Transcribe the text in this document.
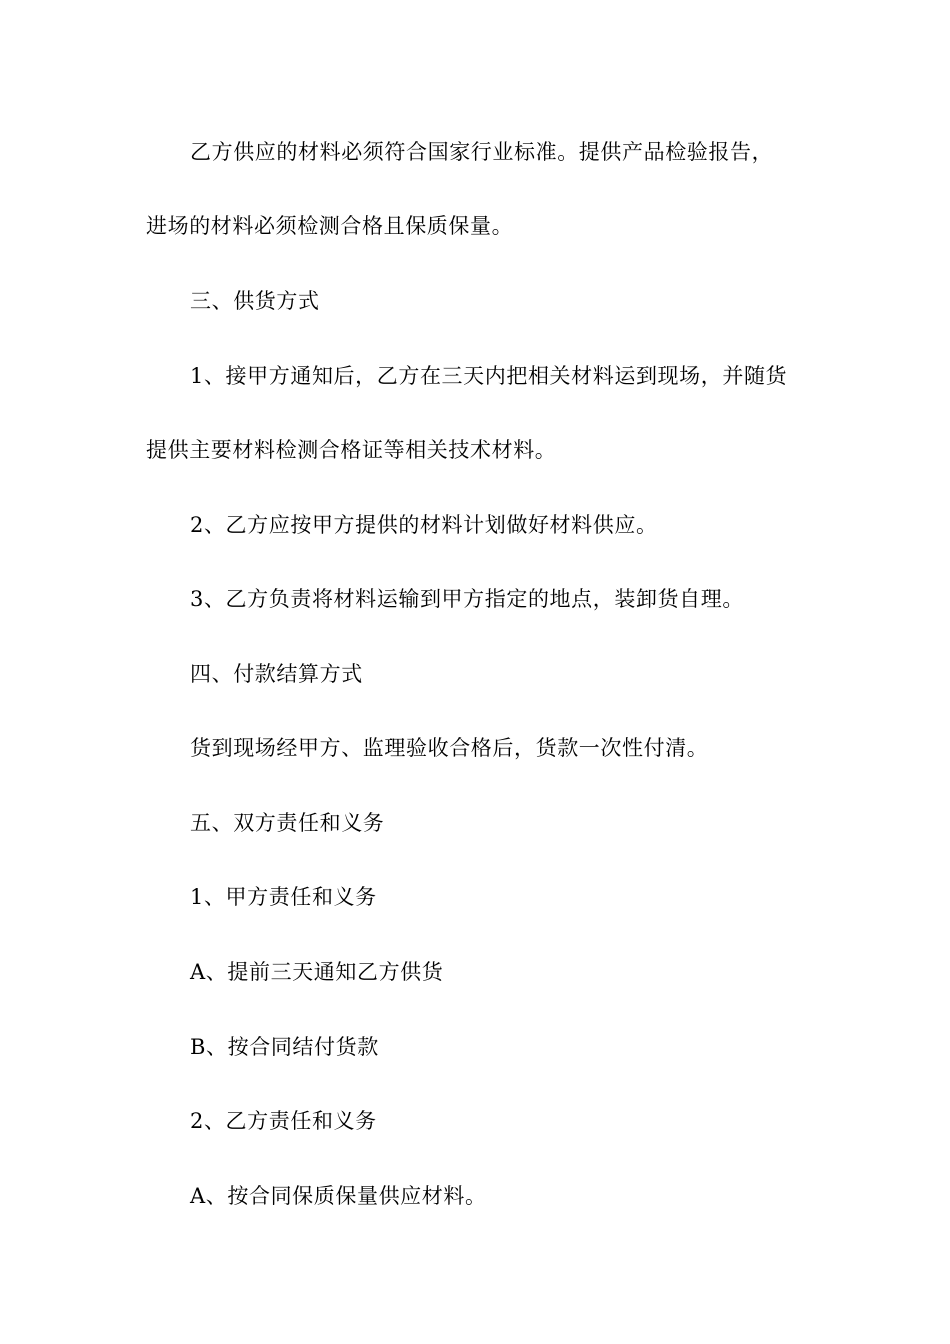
乙方供应的材料必须符合国家行业标准。提供产品检验报告，
进场的材料必须检测合格且保质保量。
三、供货方式
1、接甲方通知后，乙方在三天内把相关材料运到现场，并随货
提供主要材料检测合格证等相关技术材料。
2、乙方应按甲方提供的材料计划做好材料供应。
3、乙方负责将材料运输到甲方指定的地点，装卸货自理。
四、付款结算方式
货到现场经甲方、监理验收合格后，货款一次性付清。
五、双方责任和义务
1、甲方责任和义务
A、提前三天通知乙方供货
B、按合同结付货款
2、乙方责任和义务
A、按合同保质保量供应材料。
